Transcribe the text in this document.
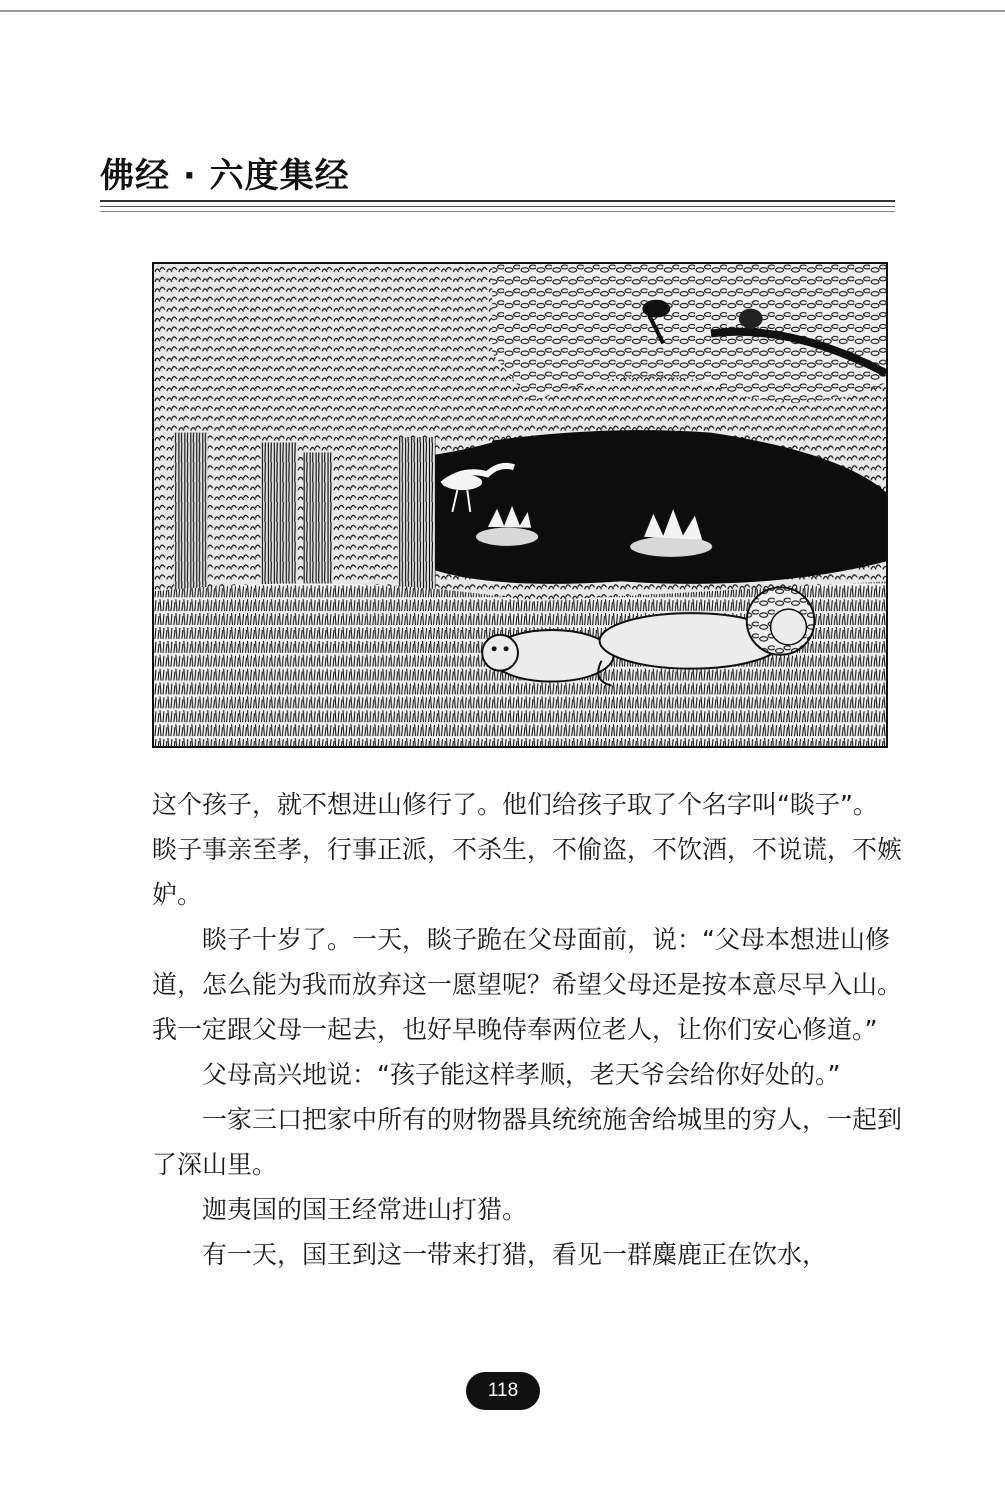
佛经 · 六度集经

这个孩子，就不想进山修行了。他们给孩子取了个名字叫“睒子”。睒子事亲至孝，行事正派，不杀生，不偷盗，不饮酒，不说谎，不嫉妒。

睒子十岁了。一天，睒子跪在父母面前，说：“父母本想进山修道，怎么能为我而放弃这一愿望呢？希望父母还是按本意尽早入山。我一定跟父母一起去，也好早晚侍奉两位老人，让你们安心修道。”

父母高兴地说：“孩子能这样孝顺，老天爷会给你好处的。”

一家三口把家中所有的财物器具统统施舍给城里的穷人，一起到了深山里。

迦夷国的国王经常进山打猎。

有一天，国王到这一带来打猎，看见一群麋鹿正在饮水，

118
